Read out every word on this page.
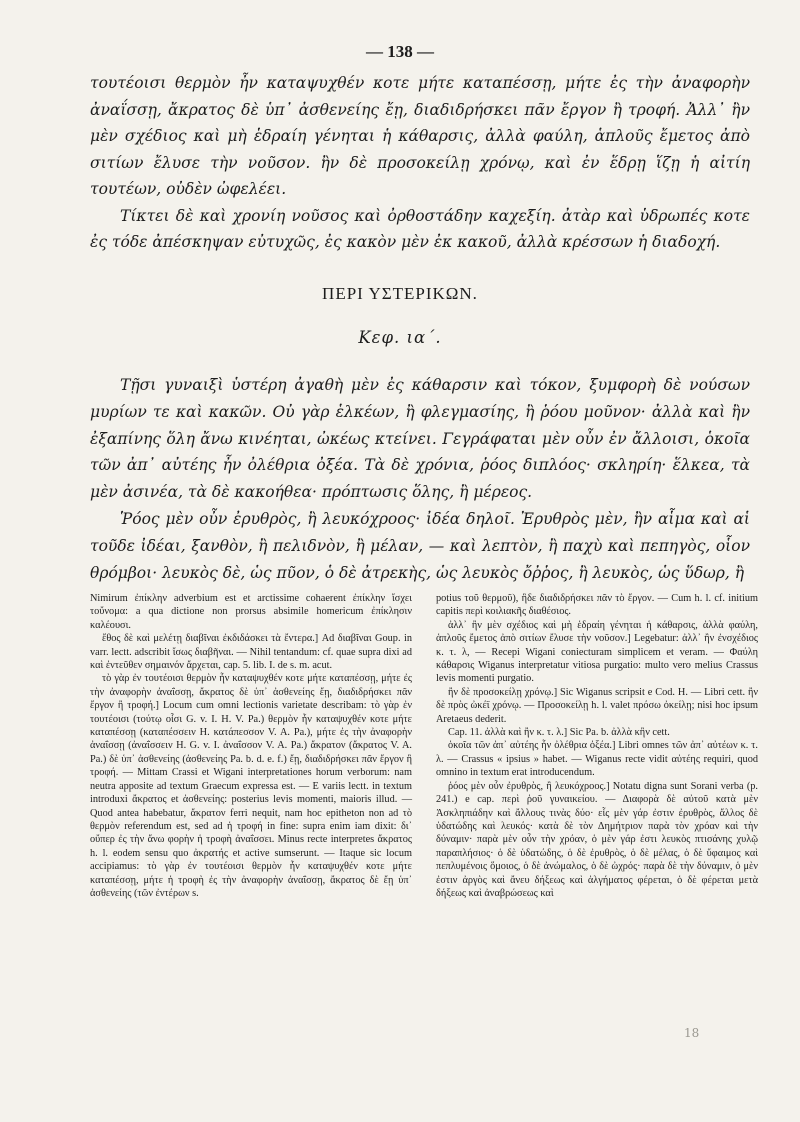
— 138 —

τουτέοισι θερμὸν ἦν καταψυχθέν κοτε μήτε καταπέσσῃ, μήτε ἐς τὴν ἀναφορὴν ἀναΐσσῃ, ἄκρατος δὲ ὑπ᾽ ἀσθενείης ἔῃ, διαδιδρήσκει πᾶν ἔργον ἢ τροφή. Ἀλλ᾽ ἢν μὲν σχέδιος καὶ μὴ ἑδραίη γένηται ἡ κάθαρσις, ἀλλὰ φαύλη, ἁπλοῦς ἔμετος ἀπὸ σιτίων ἔλυσε τὴν νοῦσον. ἢν δὲ προσοκείλῃ χρόνῳ, καὶ ἐν ἕδρῃ ἵζῃ ἡ αἰτίη τουτέων, οὐδὲν ὠφελέει.

Τίκτει δὲ καὶ χρονίη νοῦσος καὶ ὀρθοστάδην καχεξίη. ἀτὰρ καὶ ὑδρωπές κοτε ἐς τόδε ἀπέσκηψαν εὐτυχῶς, ἐς κακὸν μὲν ἐκ κακοῦ, ἀλλὰ κρέσσων ἡ διαδοχή.

ΠΕΡΙ ΥΣΤΕΡΙΚΩΝ.
Κεφ. ια΄.

Τῇσι γυναιξὶ ὑστέρη ἀγαθὴ μὲν ἐς κάθαρσιν καὶ τόκον, ξυμφορὴ δὲ νούσων μυρίων τε καὶ κακῶν. Οὐ γὰρ ἑλκέων, ἢ φλεγμασίης, ἢ ῥόου μοῦνον· ἀλλὰ καὶ ἢν ἐξαπίνης ὅλη ἄνω κινέηται, ὠκέως κτείνει. Γεγράφαται μὲν οὖν ἐν ἄλλοισι, ὁκοῖα τῶν ἀπ᾽ αὐτέης ἦν ὀλέθρια ὀξέα. Τὰ δὲ χρόνια, ῥόος διπλόος· σκληρίη· ἕλκεα, τὰ μὲν ἀσινέα, τὰ δὲ κακοήθεα· πρόπτωσις ὅλης, ἢ μέρεος.

Ῥόος μὲν οὖν ἐρυθρὸς, ἢ λευκόχροος· ἰδέα δηλοῖ. Ἐρυθρὸς μὲν, ἢν αἷμα καὶ αἱ τοῦδε ἰδέαι, ξανθὸν, ἢ πελιδνὸν, ἢ μέλαν, — καὶ λεπτὸν, ἢ παχὺ καὶ πεπηγὸς, οἷον θρόμβοι· λευκὸς δὲ, ὡς πῦον, ὁ δὲ ἀτρεκὴς, ὡς λευκὸς ὄῤῥος, ἢ λευκὸς, ὡς ὕδωρ, ἢ

Nimirum ἐπίκλην adverbium est et arctissime cohaerent ἐπίκλην ἴσχει τοὔνομα: a qua dictione non prorsus absimile homericum ἐπίκλησιν καλέουσι.

ἔθος δὲ καὶ μελέτῃ διαβῖναι ἐκδιδάσκει τὰ ἔντερα.] Ad διαβῖναι Goup. in varr. lectt. adscribit ἴσως διαβῆναι. — Nihil tentandum: cf. quae supra dixi ad καὶ ἐντεῦθεν σημαινόν ἄρχεται, cap. 5. lib. I. de s. m. acut.

τὸ γὰρ ἐν τουτέοισι θερμὸν ἦν καταψυχθέν κοτε μήτε καταπέσσῃ, μήτε ἐς τὴν ἀναφορὴν ἀναΐσσῃ, ἄκρατος δὲ ὑπ᾽ ἀσθενείης ἔῃ, διαδιδρήσκει πᾶν ἔργον ἢ τροφή.] Locum cum omni lectionis varietate describam: τὸ γὰρ ἐν τουτέοισι (τούτῳ οἷσι G. v. I. H. V. Pa.) θερμὸν ἦν καταψυχθέν κοτε μήτε καταπέσσῃ (καταπέσσειν H. κατάπεσσον V. A. Pa.), μήτε ἐς τὴν ἀναφορὴν ἀναΐσσῃ (ἀναΐσσειν H. G. v. I. ἀναΐσσον V. A. Pa.) ἄκρατον (ἄκρατος V. A. Pa.) δὲ ὑπ᾽ ἀσθενείης (ἀσθενείης Pa. b. d. e. f.) ἔῃ, διαδιδρήσκει πᾶν ἔργον ἢ τροφή. — Mittam Crassi et Wigani interpretationes horum verborum: nam neutra apposite ad textum Graecum expressa est. — E variis lectt. in textum introduxi ἄκρατος et ἀσθενείης: posterius levis momenti, maioris illud. — Quod antea habebatur, ἄκρατον ferri nequit, nam hoc epitheton non ad τὸ θερμὸν referendum est, sed ad ἡ τροφή in fine: supra enim iam dixit: δι᾽ οὔπερ ἐς τὴν ἄνω φορὴν ἡ τροφὴ ἀναΐσσει. Minus recte interpretes ἄκρατος h. l. eodem sensu quo ἀκρατής et active sumserunt. — Itaque sic locum accipiamus: τὸ γὰρ ἐν τουτέοισι θερμὸν ἦν καταψυχθέν κοτε μήτε καταπέσσῃ, μήτε ἡ τροφὴ ἐς τὴν ἀναφορὴν ἀναΐσσῃ, ἄκρατος δὲ ἔῃ ὑπ᾽ ἀσθενείης (τῶν ἐντέρων s.

potius τοῦ θερμοῦ), ἣδε διαδιδρήσκει πᾶν τὸ ἔργον. — Cum h. l. cf. initium capitis περὶ κοιλιακῆς διαθέσιος.

ἀλλ᾽ ἢν μὲν σχέδιος καὶ μὴ ἑδραίη γένηται ἡ κάθαρσις, ἀλλὰ φαύλη, ἁπλοῦς ἔμετος ἀπὸ σιτίων ἔλυσε τὴν νοῦσον.] Legebatur: ἀλλ᾽ ἢν ἐνσχέδιος κ. τ. λ, — Recepi Wigani coniecturam simplicem et veram. — Φαύλη κάθαρσις Wiganus interpretatur vitiosa purgatio: multo vero melius Crassus levis momenti purgatio.

ἢν δὲ προσοκείλῃ χρόνῳ.] Sic Wiganus scripsit e Cod. H. — Libri cett. ἢν δὲ πρὸς ὠκέϊ χρόνῳ. — Προσοκείλῃ h. l. valet πρόσω ὀκείλῃ; nisi hoc ipsum Aretaeus dederit.

Cap. 11. ἀλλὰ καὶ ἢν κ. τ. λ.] Sic Pa. b. ἀλλὰ κἢν cett.

ὁκοῖα τῶν ἀπ᾽ αὐτέης ἦν ὀλέθρια ὀξέα.] Libri omnes τῶν ἀπ᾽ αὐτέων κ. τ. λ. — Crassus « ipsius » habet. — Wiganus recte vidit αὐτέης requiri, quod omnino in textum erat introducendum.

ῥόος μὲν οὖν ἐρυθρὸς, ἢ λευκόχροος.] Notatu digna sunt Sorani verba (p. 241.) e cap. περὶ ῥοῦ γυναικείου. — Διαφορὰ δὲ αὐτοῦ κατὰ μὲν Ἀσκληπιάδην καὶ ἄλλους τινὰς δύο· εἷς μὲν γάρ ἐστιν ἐρυθρὸς, ἄλλος δὲ ὑδατώδης καὶ λευκός· κατὰ δὲ τὸν Δημήτριον παρὰ τὸν χρόαν καὶ τὴν δύναμιν· παρὰ μὲν οὖν τὴν χρόαν, ὁ μὲν γάρ ἐστι λευκὸς πτισάνης χυλῷ παραπλήσιος· ὁ δὲ ὑδατώδης, ὁ δὲ ἐρυθρὸς, ὁ δὲ μέλας, ὁ δὲ ὕφαιμος καὶ πεπλυμένοις ὅμοιος, ὁ δὲ ἀνώμαλος, ὁ δὲ ὠχρός· παρὰ δὲ τὴν δύναμιν, ὁ μὲν ἐστιν ἀργὸς καὶ ἄνευ δήξεως καὶ ἀλγήματος φέρεται, ὁ δὲ φέρεται μετὰ δήξεως καὶ ἀναβρώσεως καὶ

18
